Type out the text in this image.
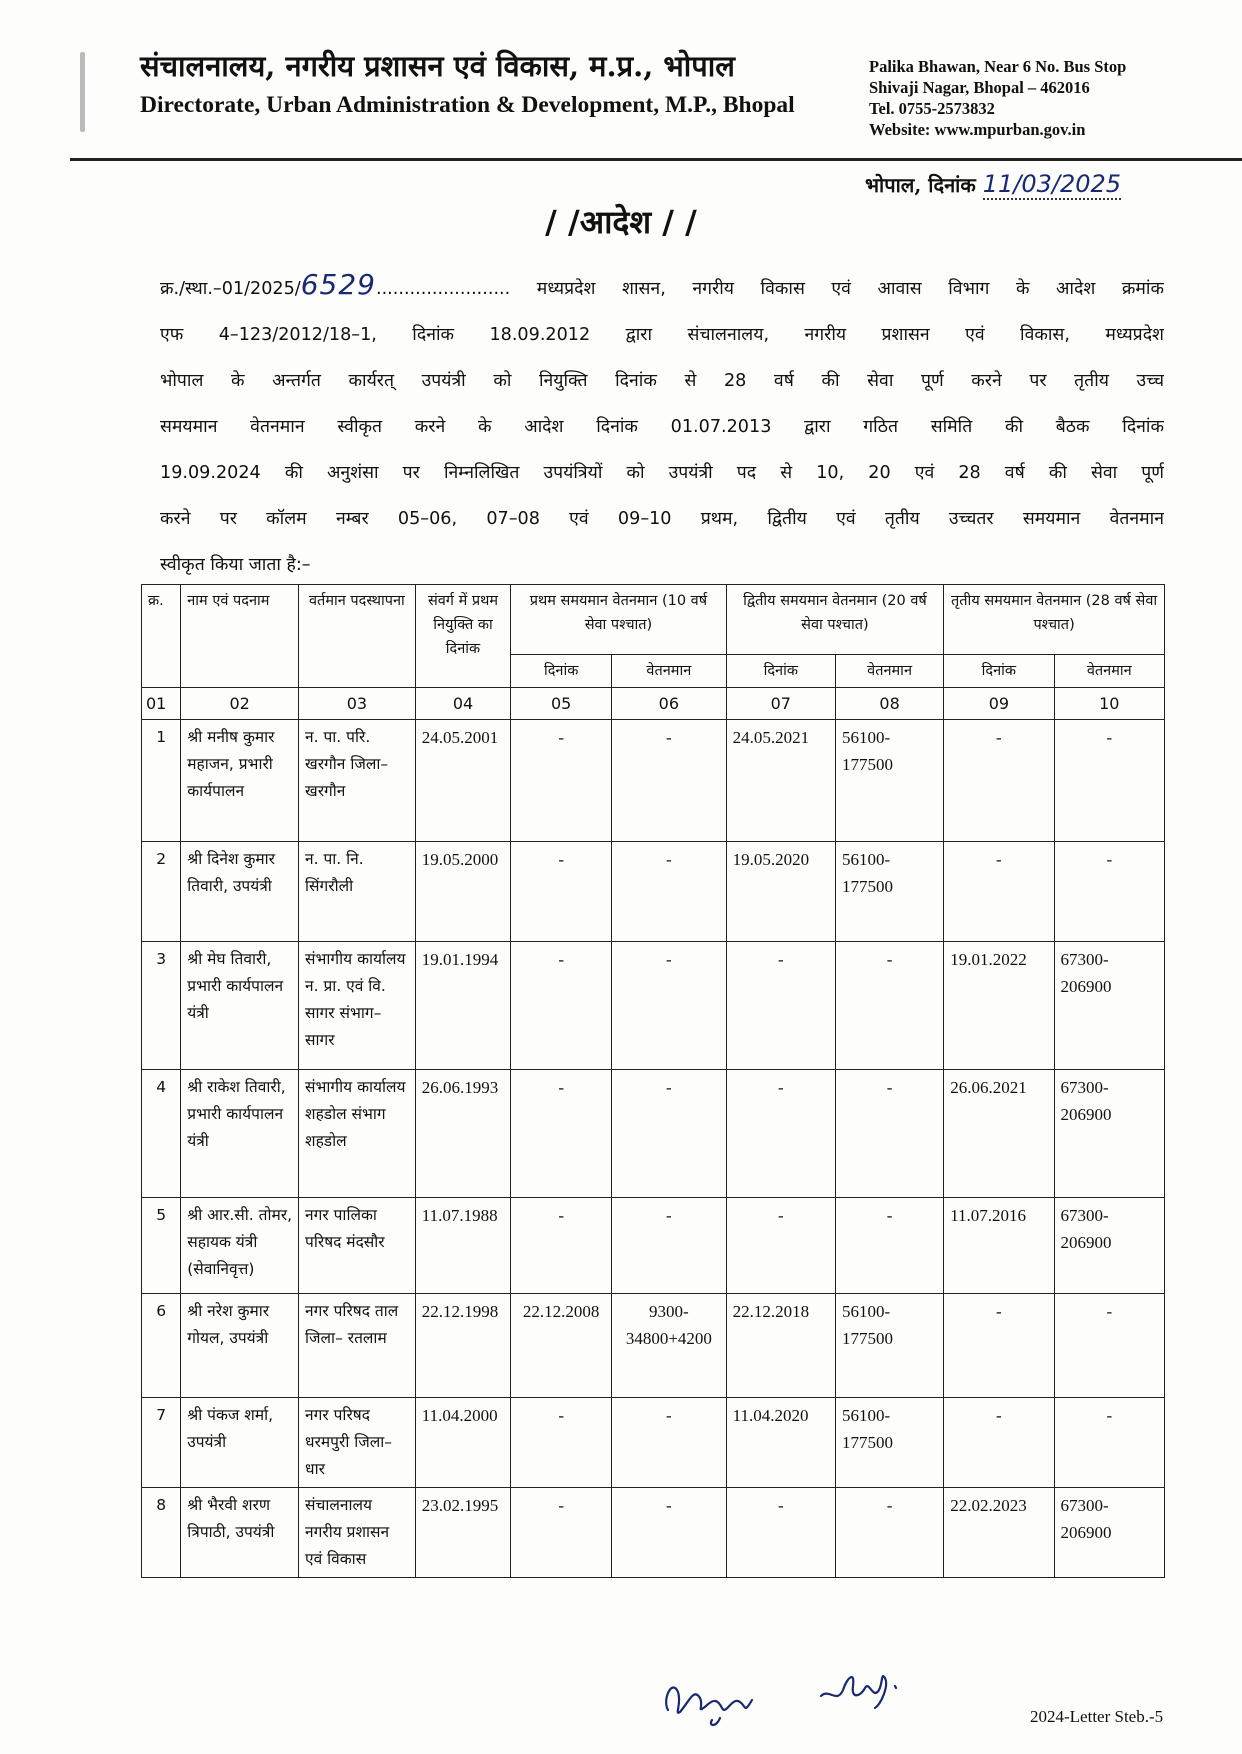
संचालनालय, नगरीय प्रशासन एवं विकास, म.प्र., भोपाल
Directorate, Urban Administration & Development, M.P., Bhopal
Palika Bhawan, Near 6 No. Bus Stop
Shivaji Nagar, Bhopal – 462016
Tel. 0755-2573832
Website: www.mpurban.gov.in
भोपाल, दिनांक 11/03/2025
/ /आदेश / /
क्र./स्था.–01/2025/6529........................ मध्यप्रदेश शासन, नगरीय विकास एवं आवास विभाग के आदेश क्रमांक
एफ 4–123/2012/18–1, दिनांक 18.09.2012 द्वारा संचालनालय, नगरीय प्रशासन एवं विकास, मध्यप्रदेश
भोपाल के अन्तर्गत कार्यरत् उपयंत्री को नियुक्ति दिनांक से 28 वर्ष की सेवा पूर्ण करने पर तृतीय उच्च
समयमान वेतनमान स्वीकृत करने के आदेश दिनांक 01.07.2013 द्वारा गठित समिति की बैठक दिनांक
19.09.2024 की अनुशंसा पर निम्नलिखित उपयंत्रियों को उपयंत्री पद से 10, 20 एवं 28 वर्ष की सेवा पूर्ण
करने पर कॉलम नम्बर 05–06, 07–08 एवं 09–10 प्रथम, द्वितीय एवं तृतीय उच्चतर समयमान वेतनमान
स्वीकृत किया जाता है:–
क्र.	नाम एवं पदनाम	वर्तमान पदस्थापना	संवर्ग में प्रथम नियुक्ति का दिनांक	प्रथम समयमान वेतनमान (10 वर्ष सेवा पश्चात)		द्वितीय समयमान वेतनमान (20 वर्ष सेवा पश्चात)		तृतीय समयमान वेतनमान (28 वर्ष सेवा पश्चात)	
				दिनांक	वेतनमान	दिनांक	वेतनमान	दिनांक	वेतनमान
01	02	03	04	05	06	07	08	09	10
1	श्री मनीष कुमार महाजन, प्रभारी कार्यपालन	न. पा. परि. खरगौन जिला– खरगौन	24.05.2001	-	-	24.05.2021	56100-177500	-	-
2	श्री दिनेश कुमार तिवारी, उपयंत्री	न. पा. नि. सिंगरौली	19.05.2000	-	-	19.05.2020	56100-177500	-	-
3	श्री मेघ तिवारी, प्रभारी कार्यपालन यंत्री	संभागीय कार्यालय न. प्रा. एवं वि. सागर संभाग– सागर	19.01.1994	-	-	-	-	19.01.2022	67300-206900
4	श्री राकेश तिवारी, प्रभारी कार्यपालन यंत्री	संभागीय कार्यालय शहडोल संभाग शहडोल	26.06.1993	-	-	-	-	26.06.2021	67300-206900
5	श्री आर.सी. तोमर, सहायक यंत्री (सेवानिवृत्त)	नगर पालिका परिषद मंदसौर	11.07.1988	-	-	-	-	11.07.2016	67300-206900
6	श्री नरेश कुमार गोयल, उपयंत्री	नगर परिषद ताल जिला– रतलाम	22.12.1998	22.12.2008	9300-34800+4200	22.12.2018	56100-177500	-	-
7	श्री पंकज शर्मा, उपयंत्री	नगर परिषद धरमपुरी जिला–धार	11.04.2000	-	-	11.04.2020	56100-177500	-	-
8	श्री भैरवी शरण त्रिपाठी, उपयंत्री	संचालनालय नगरीय प्रशासन एवं विकास	23.02.1995	-	-	-	-	22.02.2023	67300-206900
2024-Letter Steb.-5
